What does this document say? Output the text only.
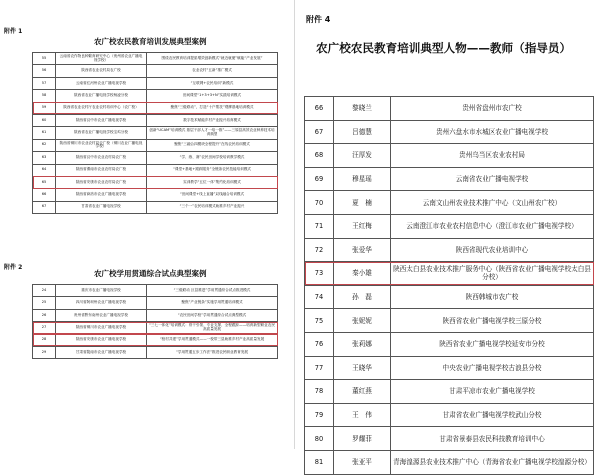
附件 1
农广校农民教育培训发展典型案例
55	云南省农作物良种繁育研究中心（贵州省农业广播电视学校）	围绕农民教育培训提质增效创新模式“就近就便”赋能“产业发展”
56	陕西省农业农村局农广校	农业农村“五新”推广模式
57	云南省红河州农业广播电视学校	“互联网+农民培训”新模式
58	陕西省农业广播电视学校杨凌分校	田间课堂“1+3+3+N”实践培训模式
59	陕西省农业农村厅农业农村培训中心（农广校）	聚焦“三级联动”，打造“十户帮扶”观摩基地培训模式
60	陕西省汉中市农业广播电视学校	数字技术赋能乡村产业振兴培育模式
61	陕西省农业广播电视学校宝鸡分校	创新“UCAM”培训模式 基层干部人才一培一推”——三原县高效农业种养技术培训典型
62	陕西省铜川市农业农村局农广校（铜川农业广播电视学校）	聚焦“三融合四模块全程提升”在线农民培训模式
63	陕西省汉中市农业农村局农广校	“学、练、赛”农民田间学校培训教学模式
64	陕西省渭南市农业农村局农广校	“课堂+基地+跟踪服务”全链条农民技能培训模式
65	陕西省安康市农业农村局农广校	实训教学“五位一体”集约化培训模式
66	陕西省商洛市农业广播电视学校	“田间课堂+线上直播”双线融合培训模式
67	甘肃省农业广播电视学校	“三个一”农民培训模式助推乡村产业振兴
附件 2
农广校学用贯通综合试点典型案例
24	重庆市农业广播电视学校	“三级联动 区县推进”学用贯通综合试点推进模式
25	四川省阿坝州农业广播电视学校	聚焦“产业链条”实施学用贯通培训模式
26	贵州省黔东南州农业广播电视学校	“农民田间学校”学用贯通综合试点典型模式
27	陕西省铜川市农业广播电视学校	“三七一体化”培训模式：骨干引领、专业支撑、全程跟踪——培育新型职业农民高质量发展
28	陕西省安康市农业广播电视学校	“校村共建”学用贯通模式——一校带三县助推乡村产业高质量发展
29	甘肃省陇南市农业广播电视学校	“学用贯通五步工作法”推进农民职业教育发展
附件 4
农广校农民教育培训典型人物——教师（指导员）
66	黎晓兰	贵州省盘州市农广校
67	吕德慧	贵州六盘水市水城区农业广播电视学校
68	汪厚发	贵州乌当区农业农村局
69	穆星瑶	云南省农业广播电视学校
70	夏　楠	云南文山州农业技术推广中心（文山州农广校）
71	王红梅	云南澄江市农业农村信息中心（澄江市农业广播电视学校）
72	张爱华	陕西省现代农业培训中心
73	秦小雄	陕西太白县农业技术推广服务中心（陕西省农业广播电视学校太白县分校）
74	孙　磊	陕西韩城市农广校
75	张妮妮	陕西省农业广播电视学校三原分校
76	张莉娜	陕西省农业广播电视学校延安市分校
77	王晓华	中央农业广播电视学校古浪县分校
78	董红燕	甘肃平凉市农业广播电视学校
79	王　伟	甘肃省农业广播电视学校武山分校
80	罗耀菲	甘肃省景泰县农民科技教育培训中心
81	张亚平	青海湟源县农业技术推广中心（青海省农业广播电视学校湟源分校）
